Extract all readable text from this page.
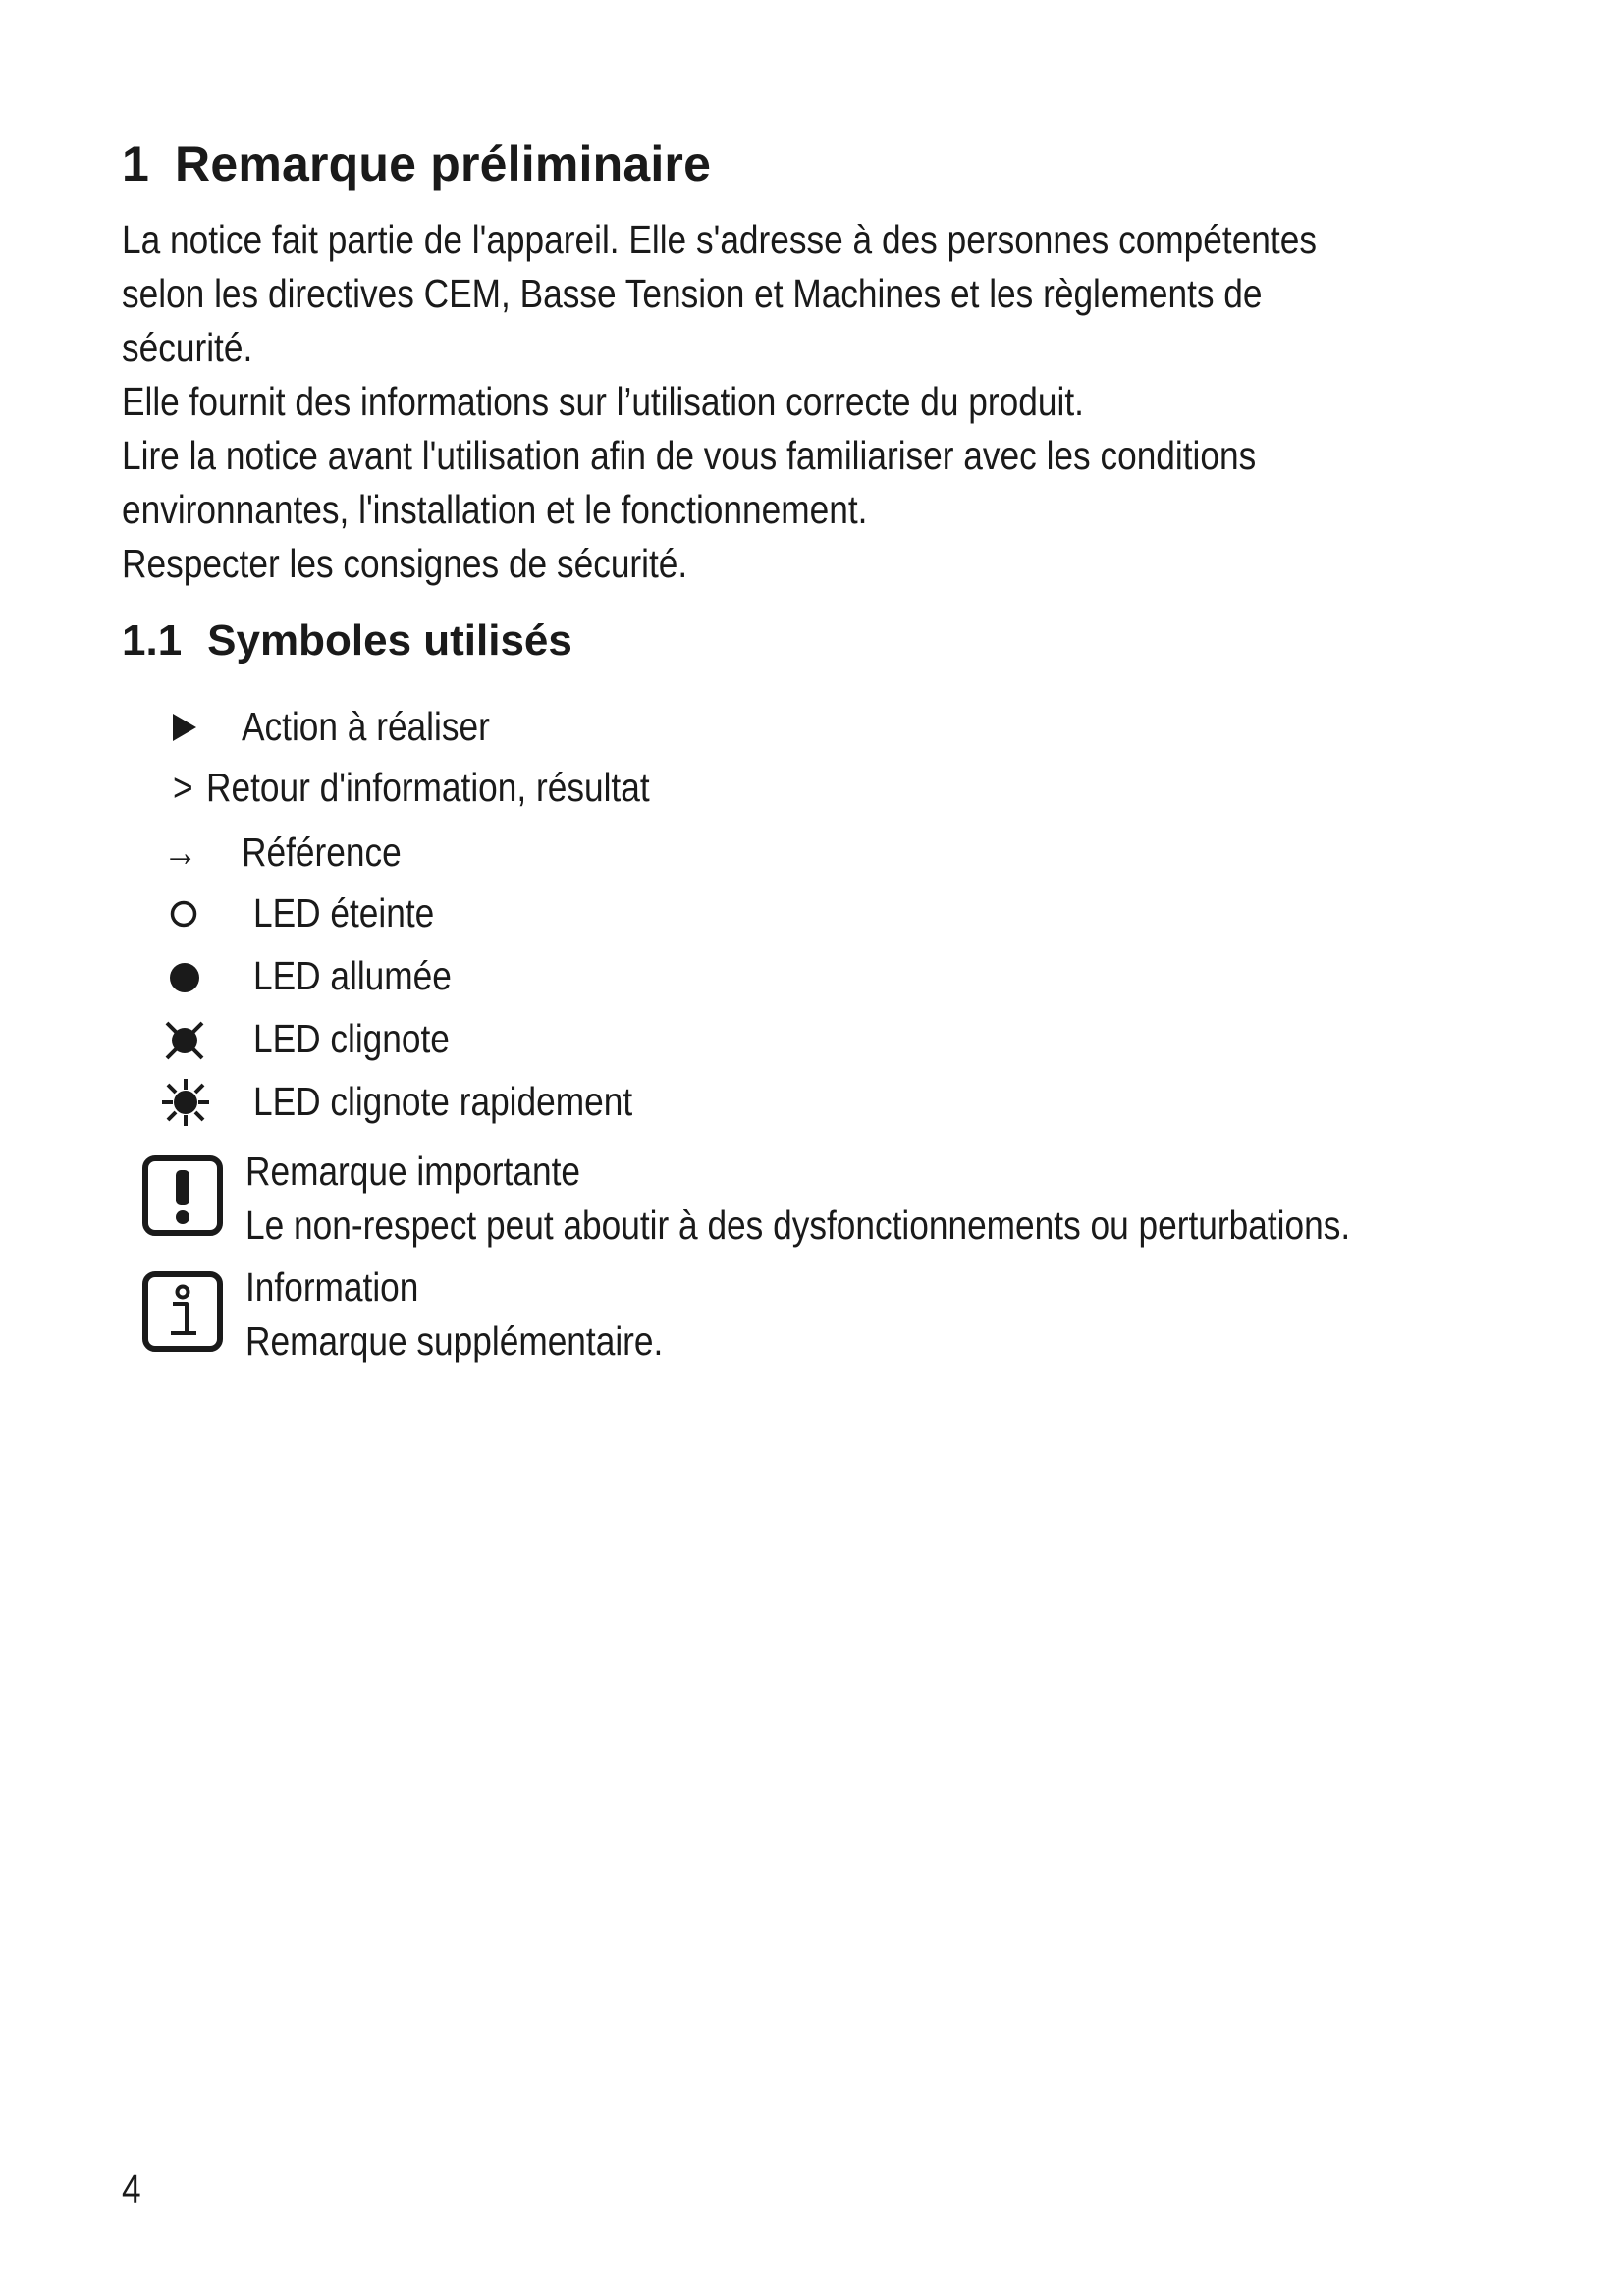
1 Remarque préliminaire
La notice fait partie de l'appareil. Elle s'adresse à des personnes compétentes
selon les directives CEM, Basse Tension et Machines et les règlements de
sécurité.
Elle fournit des informations sur l’utilisation correcte du produit.
Lire la notice avant l'utilisation afin de vous familiariser avec les conditions
environnantes, l'installation et le fonctionnement.
Respecter les consignes de sécurité.
1.1 Symboles utilisés
Action à réaliser
> Retour d'information, résultat
→ Référence
LED éteinte
LED allumée
LED clignote
LED clignote rapidement
Remarque importante
Le non-respect peut aboutir à des dysfonctionnements ou perturbations.
Information
Remarque supplémentaire.
4
